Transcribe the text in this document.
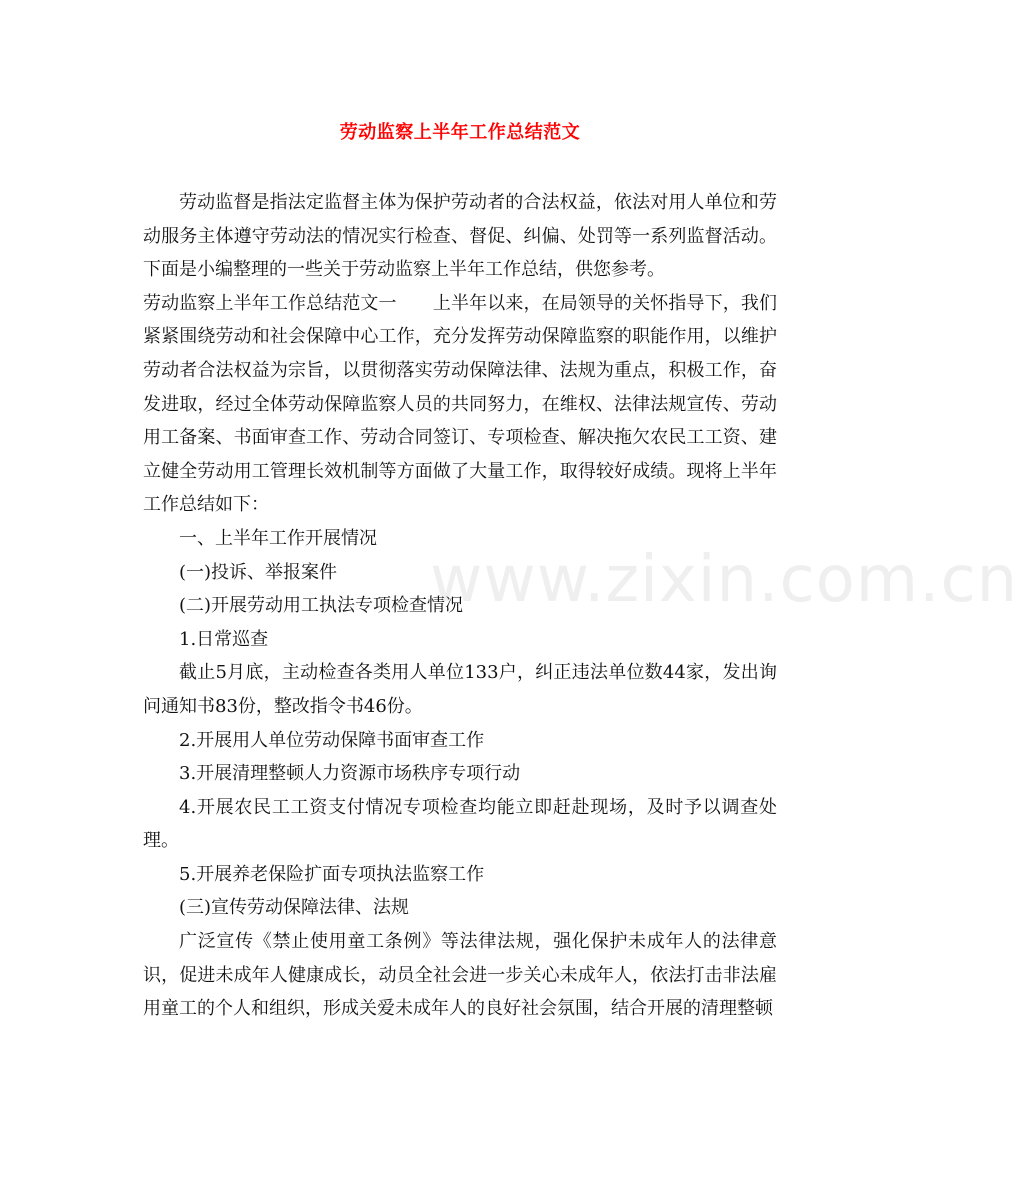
劳动监察上半年工作总结范文

劳动监督是指法定监督主体为保护劳动者的合法权益，依法对用人单位和劳动服务主体遵守劳动法的情况实行检查、督促、纠偏、处罚等一系列监督活动。下面是小编整理的一些关于劳动监察上半年工作总结，供您参考。

劳动监察上半年工作总结范文一　　上半年以来，在局领导的关怀指导下，我们紧紧围绕劳动和社会保障中心工作，充分发挥劳动保障监察的职能作用，以维护劳动者合法权益为宗旨，以贯彻落实劳动保障法律、法规为重点，积极工作，奋发进取，经过全体劳动保障监察人员的共同努力，在维权、法律法规宣传、劳动用工备案、书面审查工作、劳动合同签订、专项检查、解决拖欠农民工工资、建立健全劳动用工管理长效机制等方面做了大量工作，取得较好成绩。现将上半年工作总结如下：

一、上半年工作开展情况

(一)投诉、举报案件

(二)开展劳动用工执法专项检查情况

1.日常巡查

截止5月底，主动检查各类用人单位133户，纠正违法单位数44家，发出询问通知书83份，整改指令书46份。

2.开展用人单位劳动保障书面审查工作

3.开展清理整顿人力资源市场秩序专项行动

4.开展农民工工资支付情况专项检查均能立即赶赴现场，及时予以调查处理。

5.开展养老保险扩面专项执法监察工作

(三)宣传劳动保障法律、法规

广泛宣传《禁止使用童工条例》等法律法规，强化保护未成年人的法律意识，促进未成年人健康成长，动员全社会进一步关心未成年人，依法打击非法雇用童工的个人和组织，形成关爱未成年人的良好社会氛围，结合开展的清理整顿

www.zixin.com.cn
